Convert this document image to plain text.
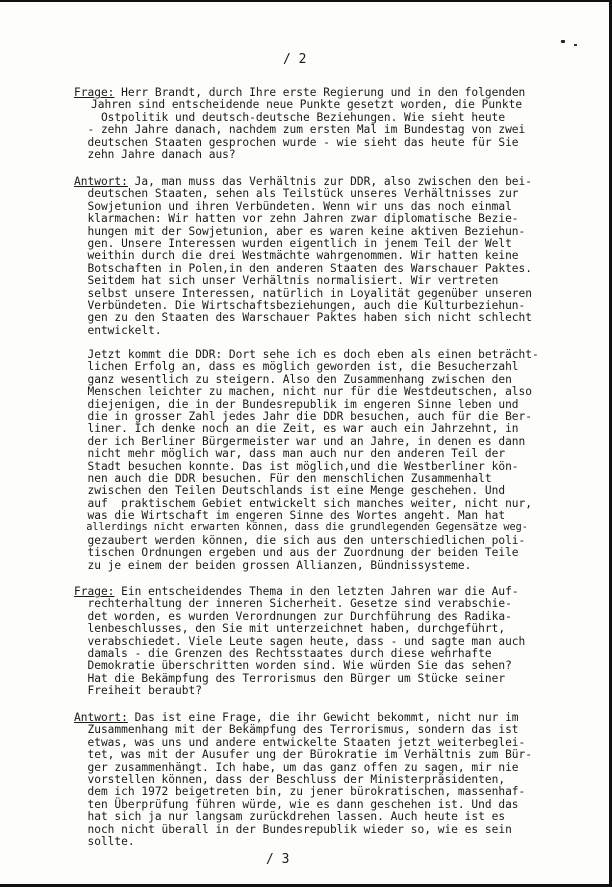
/ 2
Frage: Herr Brandt, durch Ihre erste Regierung und in den folgenden
Jahren sind entscheidende neue Punkte gesetzt worden, die Punkte
Ostpolitik und deutsch-deutsche Beziehungen. Wie sieht heute
- zehn Jahre danach, nachdem zum ersten Mal im Bundestag von zwei
deutschen Staaten gesprochen wurde - wie sieht das heute für Sie
zehn Jahre danach aus?
Antwort: Ja, man muss das Verhältnis zur DDR, also zwischen den bei-
deutschen Staaten, sehen als Teilstück unseres Verhältnisses zur
Sowjetunion und ihren Verbündeten. Wenn wir uns das noch einmal
klarmachen: Wir hatten vor zehn Jahren zwar diplomatische Bezie-
hungen mit der Sowjetunion, aber es waren keine aktiven Beziehun-
gen. Unsere Interessen wurden eigentlich in jenem Teil der Welt
weithin durch die drei Westmächte wahrgenommen. Wir hatten keine
Botschaften in Polen,in den anderen Staaten des Warschauer Paktes.
Seitdem hat sich unser Verhältnis normalisiert. Wir vertreten
selbst unsere Interessen, natürlich in Loyalität gegenüber unseren
Verbündeten. Die Wirtschaftsbeziehungen, auch die Kulturbeziehun-
gen zu den Staaten des Warschauer Paktes haben sich nicht schlecht
entwickelt.
Jetzt kommt die DDR: Dort sehe ich es doch eben als einen beträcht-
lichen Erfolg an, dass es möglich geworden ist, die Besucherzahl
ganz wesentlich zu steigern. Also den Zusammenhang zwischen den
Menschen leichter zu machen, nicht nur für die Westdeutschen, also
diejenigen, die in der Bundesrepublik im engeren Sinne leben und
die in grosser Zahl jedes Jahr die DDR besuchen, auch für die Ber-
liner. Ich denke noch an die Zeit, es war auch ein Jahrzehnt, in
der ich Berliner Bürgermeister war und an Jahre, in denen es dann
nicht mehr möglich war, dass man auch nur den anderen Teil der
Stadt besuchen konnte. Das ist möglich,und die Westberliner kön-
nen auch die DDR besuchen. Für den menschlichen Zusammenhalt
zwischen den Teilen Deutschlands ist eine Menge geschehen. Und
auf  praktischem Gebiet entwickelt sich manches weiter, nicht nur,
was die Wirtschaft im engeren Sinne des Wortes angeht. Man hat
allerdings nicht erwarten können, dass die grundlegenden Gegensätze weg-
gezaubert werden können, die sich aus den unterschiedlichen poli-
tischen Ordnungen ergeben und aus der Zuordnung der beiden Teile
zu je einem der beiden grossen Allianzen, Bündnissysteme.
Frage: Ein entscheidendes Thema in den letzten Jahren war die Auf-
rechterhaltung der inneren Sicherheit. Gesetze sind verabschie-
det worden, es wurden Verordnungen zur Durchführung des Radika-
lenbeschlusses, den Sie mit unterzeichnet haben, durchgeführt,
verabschiedet. Viele Leute sagen heute, dass - und sagte man auch
damals - die Grenzen des Rechtsstaates durch diese wehrhafte
Demokratie überschritten worden sind. Wie würden Sie das sehen?
Hat die Bekämpfung des Terrorismus den Bürger um Stücke seiner
Freiheit beraubt?
Antwort: Das ist eine Frage, die ihr Gewicht bekommt, nicht nur im
Zusammenhang mit der Bekämpfung des Terrorismus, sondern das ist
etwas, was uns und andere entwickelte Staaten jetzt weiterbeglei-
tet, was mit der Ausufer ung der Bürokratie im Verhältnis zum Bür-
ger zusammenhängt. Ich habe, um das ganz offen zu sagen, mir nie
vorstellen können, dass der Beschluss der Ministerpräsidenten,
dem ich 1972 beigetreten bin, zu jener bürokratischen, massenhaf-
ten Überprüfung führen würde, wie es dann geschehen ist. Und das
hat sich ja nur langsam zurückdrehen lassen. Auch heute ist es
noch nicht überall in der Bundesrepublik wieder so, wie es sein
sollte.
/ 3
